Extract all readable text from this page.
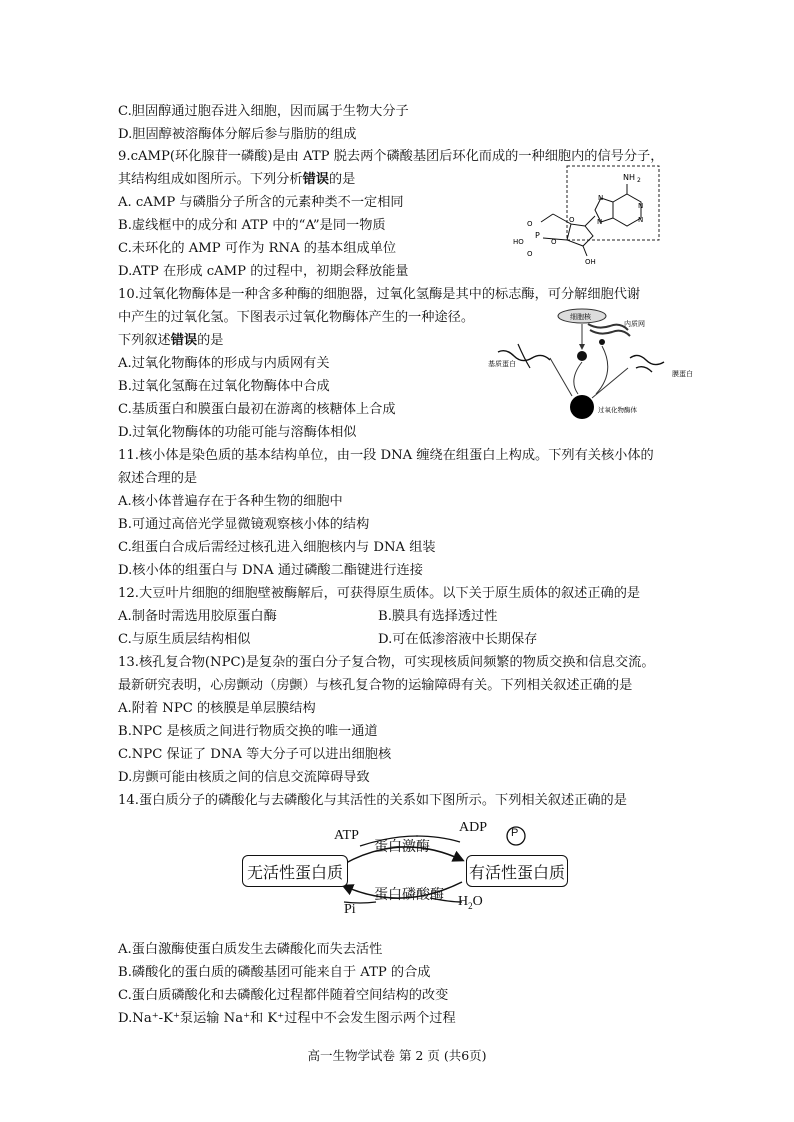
C.胆固醇通过胞吞进入细胞，因而属于生物大分子
D.胆固醇被溶酶体分解后参与脂肪的组成
9.cAMP(环化腺苷一磷酸)是由 ATP 脱去两个磷酸基团后环化而成的一种细胞内的信号分子，
其结构组成如图所示。下列分析错误的是
A. cAMP 与磷脂分子所含的元素种类不一定相同
B.虚线框中的成分和 ATP 中的“A”是同一物质
C.未环化的 AMP 可作为 RNA 的基本组成单位
D.ATP 在形成 cAMP 的过程中，初期会释放能量
NH 2
N
N
N
N
O
O
P
HO
O
O
OH
10.过氧化物酶体是一种含多种酶的细胞器，过氧化氢酶是其中的标志酶，可分解细胞代谢
中产生的过氧化氢。下图表示过氧化物酶体产生的一种途径。
下列叙述错误的是
A.过氧化物酶体的形成与内质网有关
B.过氧化氢酶在过氧化物酶体中合成
C.基质蛋白和膜蛋白最初在游离的核糖体上合成
D.过氧化物酶体的功能可能与溶酶体相似
细胞核
内质网
过氧化物酶体
基质蛋白
膜蛋白
11.核小体是染色质的基本结构单位，由一段 DNA 缠绕在组蛋白上构成。下列有关核小体的
叙述合理的是
A.核小体普遍存在于各种生物的细胞中
B.可通过高倍光学显微镜观察核小体的结构
C.组蛋白合成后需经过核孔进入细胞核内与 DNA 组装
D.核小体的组蛋白与 DNA 通过磷酸二酯键进行连接
12.大豆叶片细胞的细胞壁被酶解后，可获得原生质体。以下关于原生质体的叙述正确的是
A.制备时需选用胶原蛋白酶	B.膜具有选择透过性
C.与原生质层结构相似	D.可在低渗溶液中长期保存
13.核孔复合物(NPC)是复杂的蛋白分子复合物，可实现核质间频繁的物质交换和信息交流。
最新研究表明，心房颤动（房颤）与核孔复合物的运输障碍有关。下列相关叙述正确的是
A.附着 NPC 的核膜是单层膜结构
B.NPC 是核质之间进行物质交换的唯一通道
C.NPC 保证了 DNA 等大分子可以进出细胞核
D.房颤可能由核质之间的信息交流障碍导致
14.蛋白质分子的磷酸化与去磷酸化与其活性的关系如下图所示。下列相关叙述正确的是
ATP
ADP P
蛋白激酶
无活性蛋白质	有活性蛋白质
蛋白磷酸酶
Pi
$H_2O$
A.蛋白激酶使蛋白质发生去磷酸化而失去活性
B.磷酸化的蛋白质的磷酸基团可能来自于 ATP 的合成
C.蛋白质磷酸化和去磷酸化过程都伴随着空间结构的改变
D.Na⁺-K⁺泵运输 Na⁺和 K⁺过程中不会发生图示两个过程
高一生物学试卷 第 2 页 (共6页)
